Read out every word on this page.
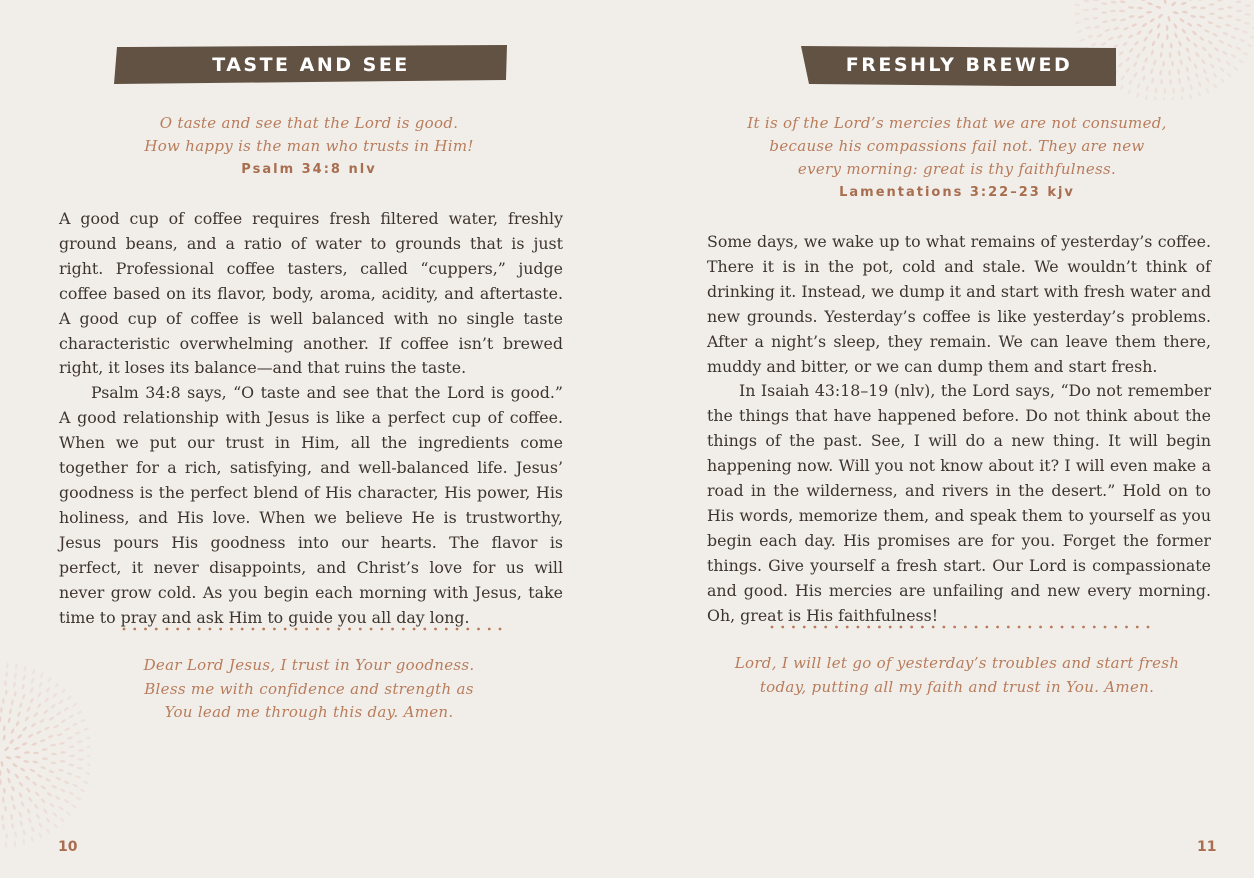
TASTE AND SEE
O taste and see that the Lord is good.
How happy is the man who trusts in Him!
Psalm 34:8 nlv

A good cup of coffee requires fresh filtered water, freshly ground beans, and a ratio of water to grounds that is just right. Professional coffee tasters, called “cuppers,” judge coffee based on its flavor, body, aroma, acidity, and aftertaste. A good cup of coffee is well balanced with no single taste characteristic overwhelming another. If coffee isn’t brewed right, it loses its balance—and that ruins the taste.

Psalm 34:8 says, “O taste and see that the Lord is good.” A good relationship with Jesus is like a perfect cup of coffee. When we put our trust in Him, all the ingredients come together for a rich, satisfying, and well-balanced life. Jesus’ goodness is the perfect blend of His character, His power, His holiness, and His love. When we believe He is trustworthy, Jesus pours His goodness into our hearts. The flavor is perfect, it never disappoints, and Christ’s love for us will never grow cold. As you begin each morning with Jesus, take time to pray and ask Him to guide you all day long.

Dear Lord Jesus, I trust in Your goodness.
Bless me with confidence and strength as
You lead me through this day. Amen.
10
FRESHLY BREWED
It is of the Lord’s mercies that we are not consumed,
because his compassions fail not. They are new
every morning: great is thy faithfulness.
Lamentations 3:22–23 kjv

Some days, we wake up to what remains of yesterday’s coffee. There it is in the pot, cold and stale. We wouldn’t think of drinking it. Instead, we dump it and start with fresh water and new grounds. Yesterday’s coffee is like yesterday’s problems. After a night’s sleep, they remain. We can leave them there, muddy and bitter, or we can dump them and start fresh.

In Isaiah 43:18–19 (nlv), the Lord says, “Do not remember the things that have happened before. Do not think about the things of the past. See, I will do a new thing. It will begin happening now. Will you not know about it? I will even make a road in the wilderness, and rivers in the desert.” Hold on to His words, memorize them, and speak them to yourself as you begin each day. His promises are for you. Forget the former things. Give yourself a fresh start. Our Lord is compassionate and good. His mercies are unfailing and new every morning. Oh, great is His faithfulness!

Lord, I will let go of yesterday’s troubles and start fresh
today, putting all my faith and trust in You. Amen.
11
